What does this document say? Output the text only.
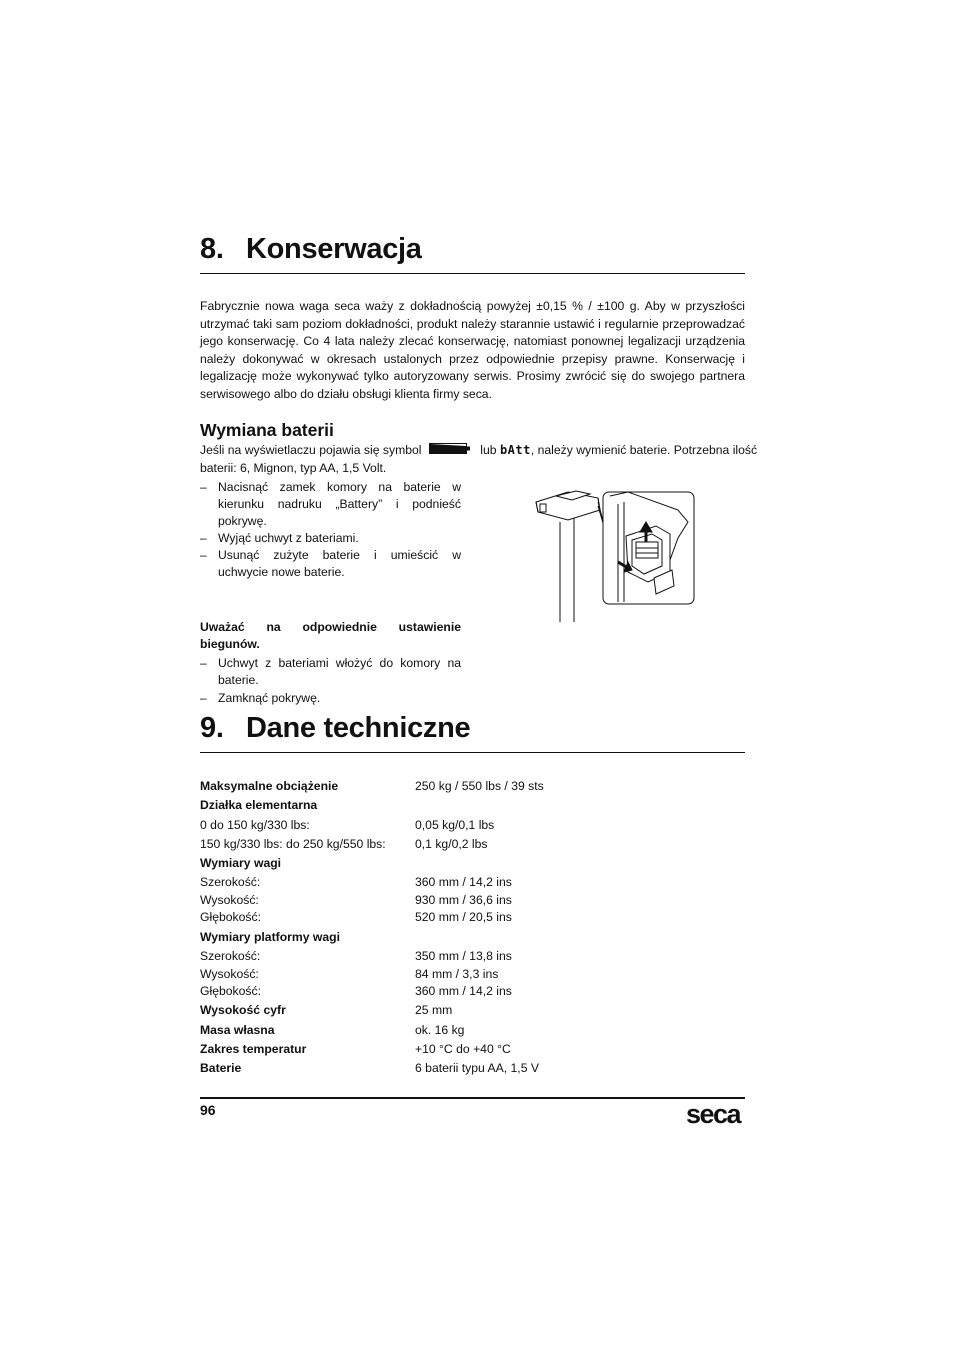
8. Konserwacja

Fabrycznie nowa waga seca waży z dokładnością powyżej ±0,15 % / ±100 g. Aby w przyszłości utrzymać taki sam poziom dokładności, produkt należy starannie ustawić i regularnie przeprowadzać jego konserwację. Co 4 lata należy zlecać konserwację, natomiast ponownej legalizacji urządzenia należy dokonywać w okresach ustalonych przez odpowiednie przepisy prawne. Konserwację i legalizację może wykonywać tylko autoryzowany serwis. Prosimy zwrócić się do swojego partnera serwisowego albo do działu obsługi klienta firmy seca.

Wymiana baterii
Jeśli na wyświetlaczu pojawia się symbol	lub bAtt, należy wymienić baterie. Potrzebna ilość
baterii: 6, Mignon, typ AA, 1,5 Volt.
– Nacisnąć zamek komory na baterie w kierunku nadruku „Battery” i podnieść pokrywę.
– Wyjąć uchwyt z bateriami.
– Usunąć zużyte baterie i umieścić w uchwycie nowe baterie.

Uważać na odpowiednie ustawienie biegunów.

– Uchwyt z bateriami włożyć do komory na baterie.
– Zamknąć pokrywę.
9. Dane techniczne
Maksymalne obciążenie	250 kg / 550 lbs / 39 sts
Działka elementarna
0 do 150 kg/330 lbs:	0,05 kg/0,1 lbs
150 kg/330 lbs: do 250 kg/550 lbs: 0,1 kg/0,2 lbs
Wymiary wagi
Szerokość:	360 mm / 14,2 ins
Wysokość:	930 mm / 36,6 ins
Głębokość:	520 mm / 20,5 ins
Wymiary platformy wagi
Szerokość:	350 mm / 13,8 ins
Wysokość:	84 mm / 3,3 ins
Głębokość:	360 mm / 14,2 ins
Wysokość cyfr	25 mm
Masa własna	ok. 16 kg
Zakres temperatur	+10 °C do +40 °C
Baterie	6 baterii typu AA, 1,5 V
96	seca
